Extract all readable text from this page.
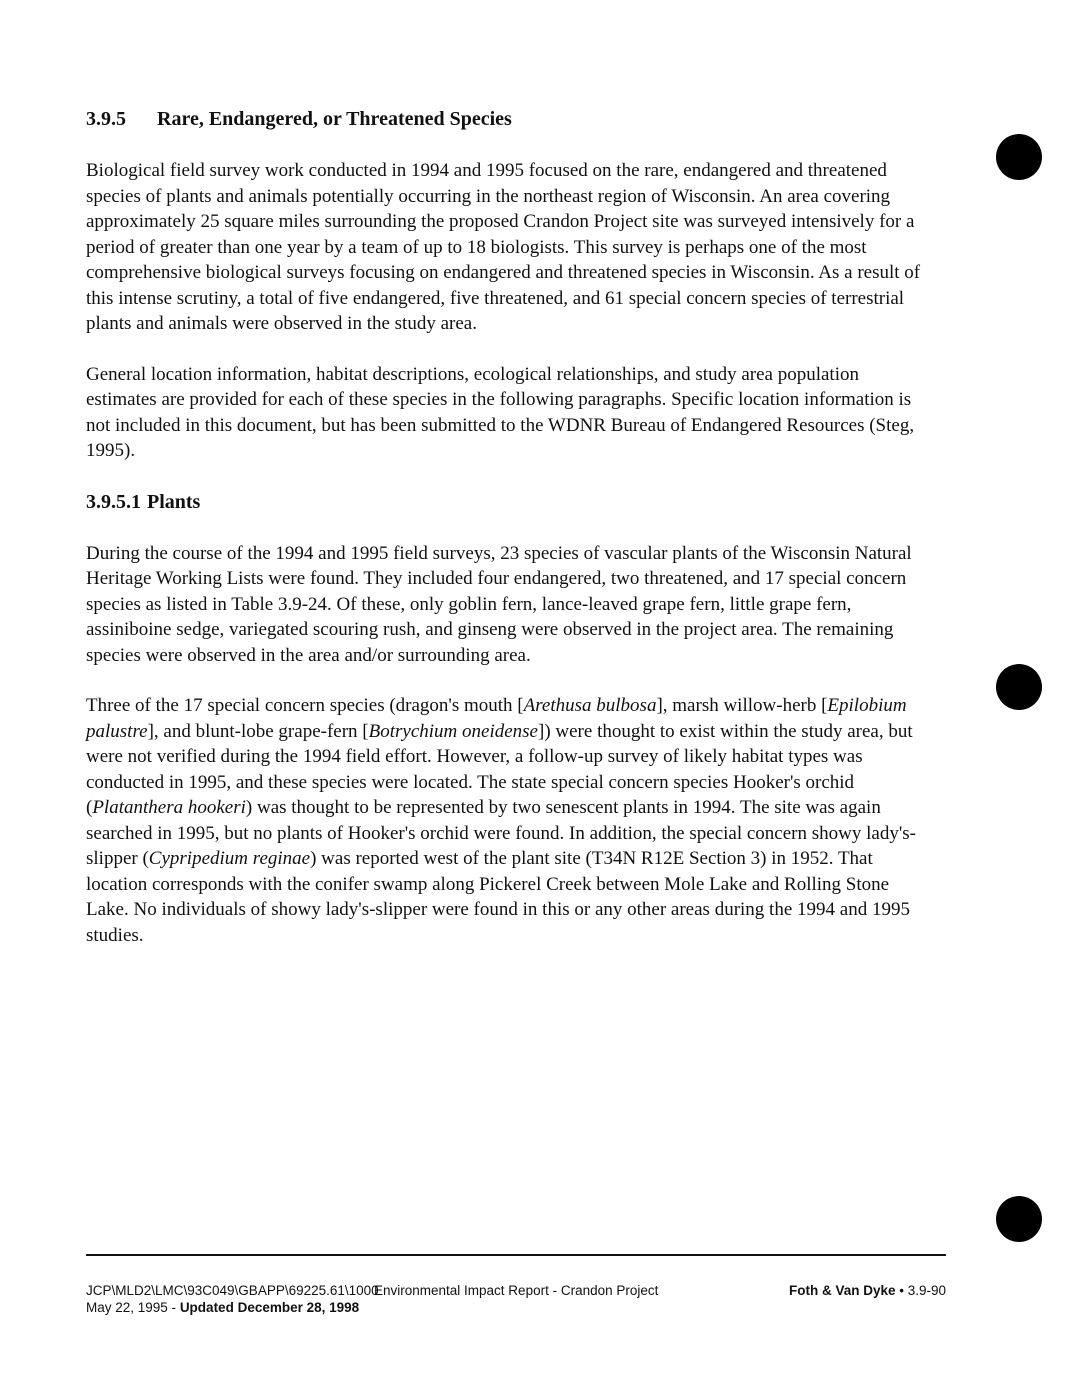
3.9.5 Rare, Endangered, or Threatened Species

Biological field survey work conducted in 1994 and 1995 focused on the rare, endangered and threatened species of plants and animals potentially occurring in the northeast region of Wisconsin. An area covering approximately 25 square miles surrounding the proposed Crandon Project site was surveyed intensively for a period of greater than one year by a team of up to 18 biologists. This survey is perhaps one of the most comprehensive biological surveys focusing on endangered and threatened species in Wisconsin. As a result of this intense scrutiny, a total of five endangered, five threatened, and 61 special concern species of terrestrial plants and animals were observed in the study area.

General location information, habitat descriptions, ecological relationships, and study area population estimates are provided for each of these species in the following paragraphs. Specific location information is not included in this document, but has been submitted to the WDNR Bureau of Endangered Resources (Steg, 1995).

3.9.5.1 Plants

During the course of the 1994 and 1995 field surveys, 23 species of vascular plants of the Wisconsin Natural Heritage Working Lists were found. They included four endangered, two threatened, and 17 special concern species as listed in Table 3.9-24. Of these, only goblin fern, lance-leaved grape fern, little grape fern, assiniboine sedge, variegated scouring rush, and ginseng were observed in the project area. The remaining species were observed in the area and/or surrounding area.

Three of the 17 special concern species (dragon's mouth [Arethusa bulbosa], marsh willow-herb [Epilobium palustre], and blunt-lobe grape-fern [Botrychium oneidense]) were thought to exist within the study area, but were not verified during the 1994 field effort. However, a follow-up survey of likely habitat types was conducted in 1995, and these species were located. The state special concern species Hooker's orchid (Platanthera hookeri) was thought to be represented by two senescent plants in 1994. The site was again searched in 1995, but no plants of Hooker's orchid were found. In addition, the special concern showy lady's-slipper (Cypripedium reginae) was reported west of the plant site (T34N R12E Section 3) in 1952. That location corresponds with the conifer swamp along Pickerel Creek between Mole Lake and Rolling Stone Lake. No individuals of showy lady's-slipper were found in this or any other areas during the 1994 and 1995 studies.

JCP\MLD2\LMC\93C049\GBAPP\69225.61\1000
May 22, 1995 - Updated December 28, 1998
Environmental Impact Report - Crandon Project	Foth & Van Dyke • 3.9-90
